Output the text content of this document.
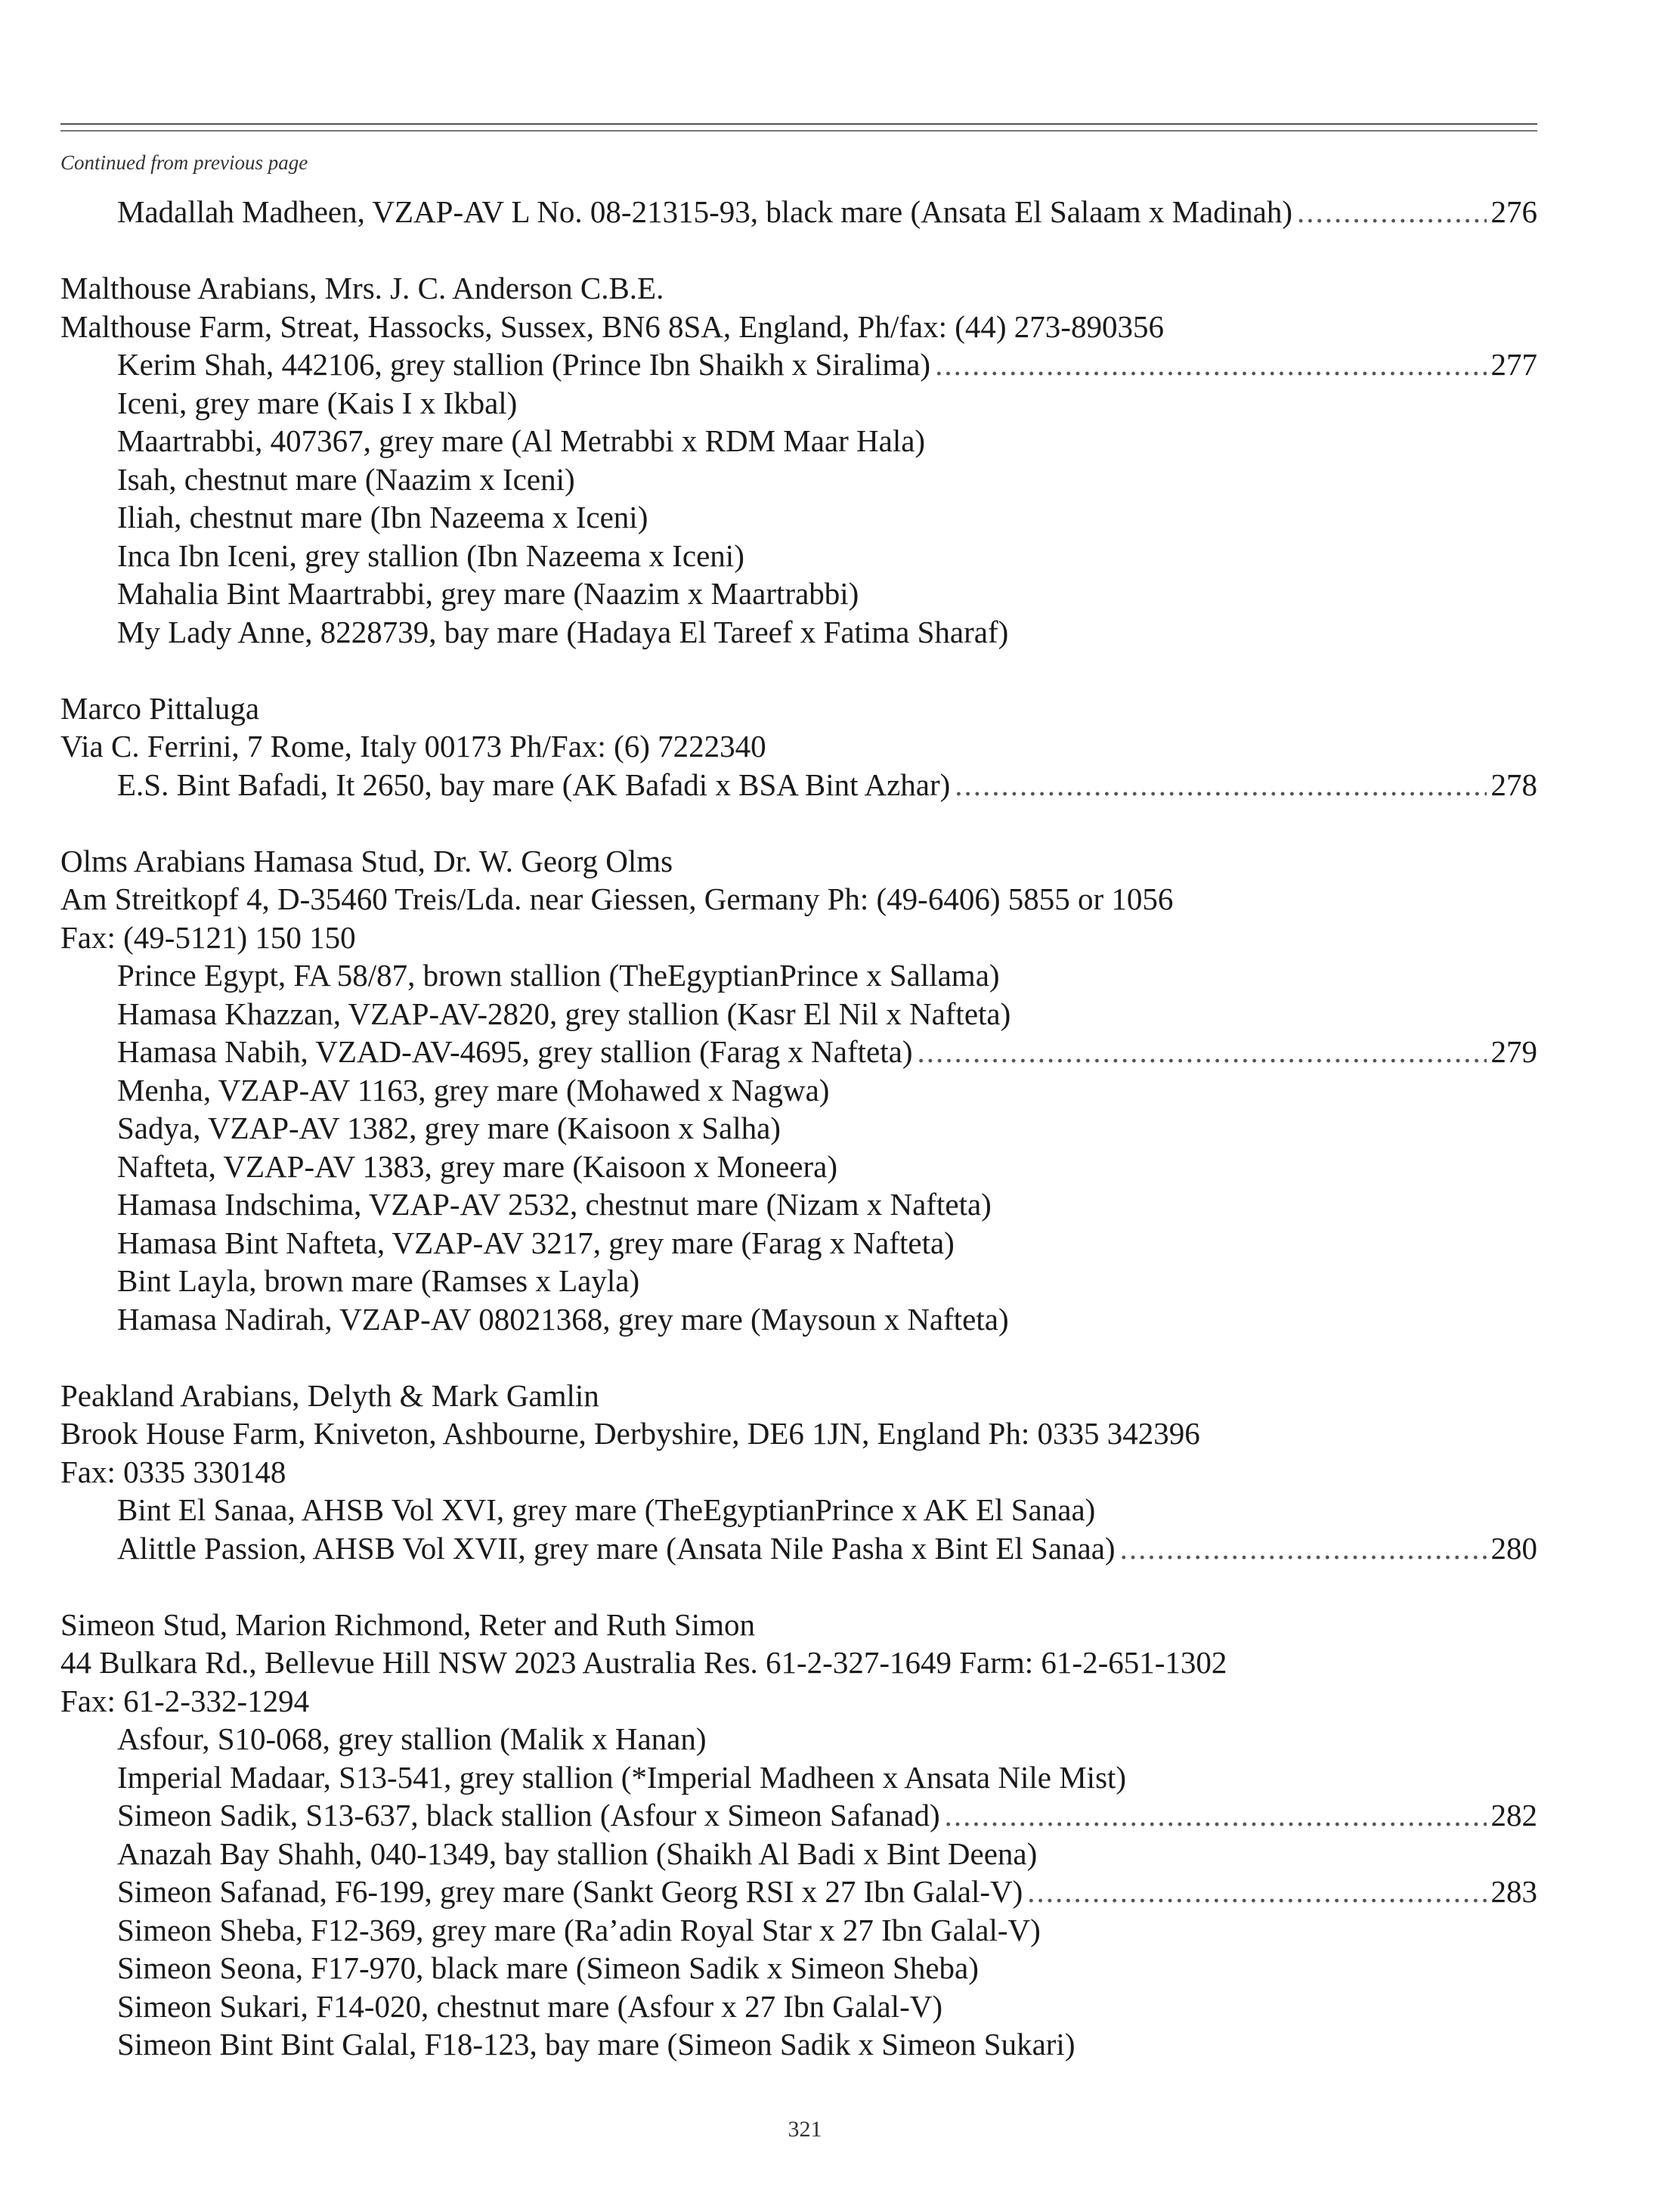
Continued from previous page
Madallah Madheen, VZAP-AV L No. 08-21315-93, black mare (Ansata El Salaam x Madinah) .....	276
Malthouse Arabians, Mrs. J. C. Anderson C.B.E.
Malthouse Farm, Streat, Hassocks, Sussex, BN6 8SA, England, Ph/fax: (44) 273-890356
Kerim Shah, 442106, grey stallion (Prince Ibn Shaikh x Siralima) .....	277
Iceni, grey mare (Kais I x Ikbal)
Maartrabbi, 407367, grey mare (Al Metrabbi x RDM Maar Hala)
Isah, chestnut mare (Naazim x Iceni)
Iliah, chestnut mare (Ibn Nazeema x Iceni)
Inca Ibn Iceni, grey stallion (Ibn Nazeema x Iceni)
Mahalia Bint Maartrabbi, grey mare (Naazim x Maartrabbi)
My Lady Anne, 8228739, bay mare (Hadaya El Tareef x Fatima Sharaf)
Marco Pittaluga
Via C. Ferrini, 7 Rome, Italy 00173 Ph/Fax: (6) 7222340
E.S. Bint Bafadi, It 2650, bay mare (AK Bafadi x BSA Bint Azhar) .....	278
Olms Arabians Hamasa Stud, Dr. W. Georg Olms
Am Streitkopf 4, D-35460 Treis/Lda. near Giessen, Germany Ph: (49-6406) 5855 or 1056
Fax: (49-5121) 150 150
Prince Egypt, FA 58/87, brown stallion (TheEgyptianPrince x Sallama)
Hamasa Khazzan, VZAP-AV-2820, grey stallion (Kasr El Nil x Nafteta)
Hamasa Nabih, VZAD-AV-4695, grey stallion (Farag x Nafteta) .....	279
Menha, VZAP-AV 1163, grey mare (Mohawed x Nagwa)
Sadya, VZAP-AV 1382, grey mare (Kaisoon x Salha)
Nafteta, VZAP-AV 1383, grey mare (Kaisoon x Moneera)
Hamasa Indschima, VZAP-AV 2532, chestnut mare (Nizam x Nafteta)
Hamasa Bint Nafteta, VZAP-AV 3217, grey mare (Farag x Nafteta)
Bint Layla, brown mare (Ramses x Layla)
Hamasa Nadirah, VZAP-AV 08021368, grey mare (Maysoun x Nafteta)
Peakland Arabians, Delyth & Mark Gamlin
Brook House Farm, Kniveton, Ashbourne, Derbyshire, DE6 1JN, England Ph: 0335 342396
Fax: 0335 330148
Bint El Sanaa, AHSB Vol XVI, grey mare (TheEgyptianPrince x AK El Sanaa)
Alittle Passion, AHSB Vol XVII, grey mare (Ansata Nile Pasha x Bint El Sanaa) .....	280
Simeon Stud, Marion Richmond, Reter and Ruth Simon
44 Bulkara Rd., Bellevue Hill NSW 2023 Australia Res. 61-2-327-1649 Farm: 61-2-651-1302
Fax: 61-2-332-1294
Asfour, S10-068, grey stallion (Malik x Hanan)
Imperial Madaar, S13-541, grey stallion (*Imperial Madheen x Ansata Nile Mist)
Simeon Sadik, S13-637, black stallion (Asfour x Simeon Safanad) .....	282
Anazah Bay Shahh, 040-1349, bay stallion (Shaikh Al Badi x Bint Deena)
Simeon Safanad, F6-199, grey mare (Sankt Georg RSI x 27 Ibn Galal-V) .....	283
Simeon Sheba, F12-369, grey mare (Ra’adin Royal Star x 27 Ibn Galal-V)
Simeon Seona, F17-970, black mare (Simeon Sadik x Simeon Sheba)
Simeon Sukari, F14-020, chestnut mare (Asfour x 27 Ibn Galal-V)
Simeon Bint Bint Galal, F18-123, bay mare (Simeon Sadik x Simeon Sukari)
321
